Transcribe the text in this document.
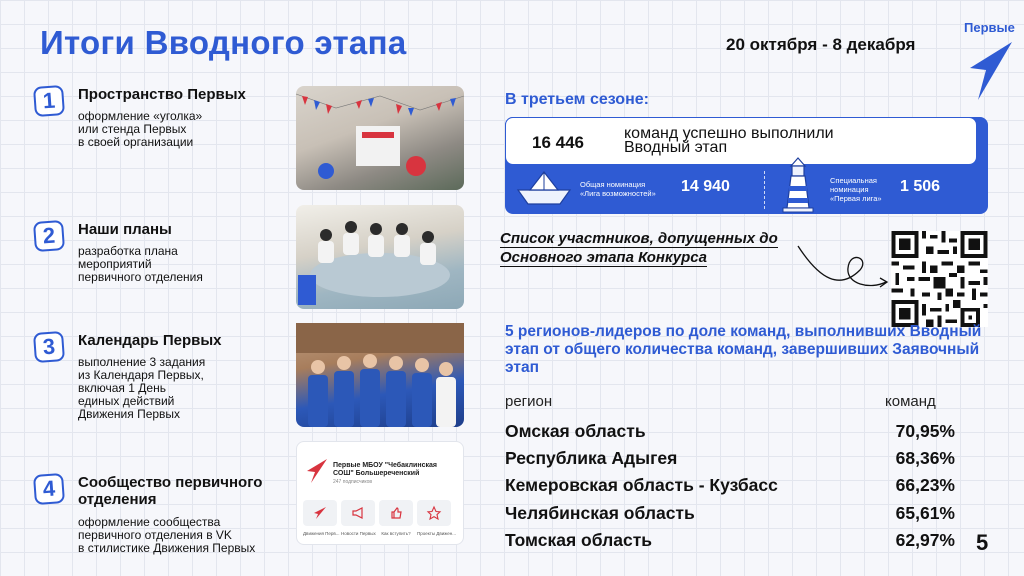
Итоги Вводного этапа	20 октября - 8 декабря
Первые
1	Пространство Первых
оформление «уголка»
или стенда Первых
в своей организации
2	Наши планы
разработка плана
мероприятий
первичного отделения
3	Календарь Первых
выполнение 3 задания
из Календаря Первых,
включая 1 День
единых действий
Движения Первых
4	Сообщество первичного отделения
оформление сообщества
первичного отделения в VK
в стилистике Движения Первых
Первые МБОУ "Чебаклинская СОШ" Большереченский
247 подписчиков
Движения Перв... Новости Первых	Как вступить?	Проекты Движен...
В третьем сезоне:
16 446	команд успешно выполнили
Вводный этап
Общая номинация
«Лига возможностей» 14 940	Специальная
номинация
«Первая лига»
1 506
Список участников, допущенных до Основного этапа Конкурса
5 регионов-лидеров по доле команд, выполнивших Вводный этап от общего количества команд, завершивших Заявочный этап
регион	команд
Омская область	70,95%
Республика Адыгея	68,36%
Кемеровская область - Кузбасс	66,23%
Челябинская область	65,61%
Томская область	62,97% 5
